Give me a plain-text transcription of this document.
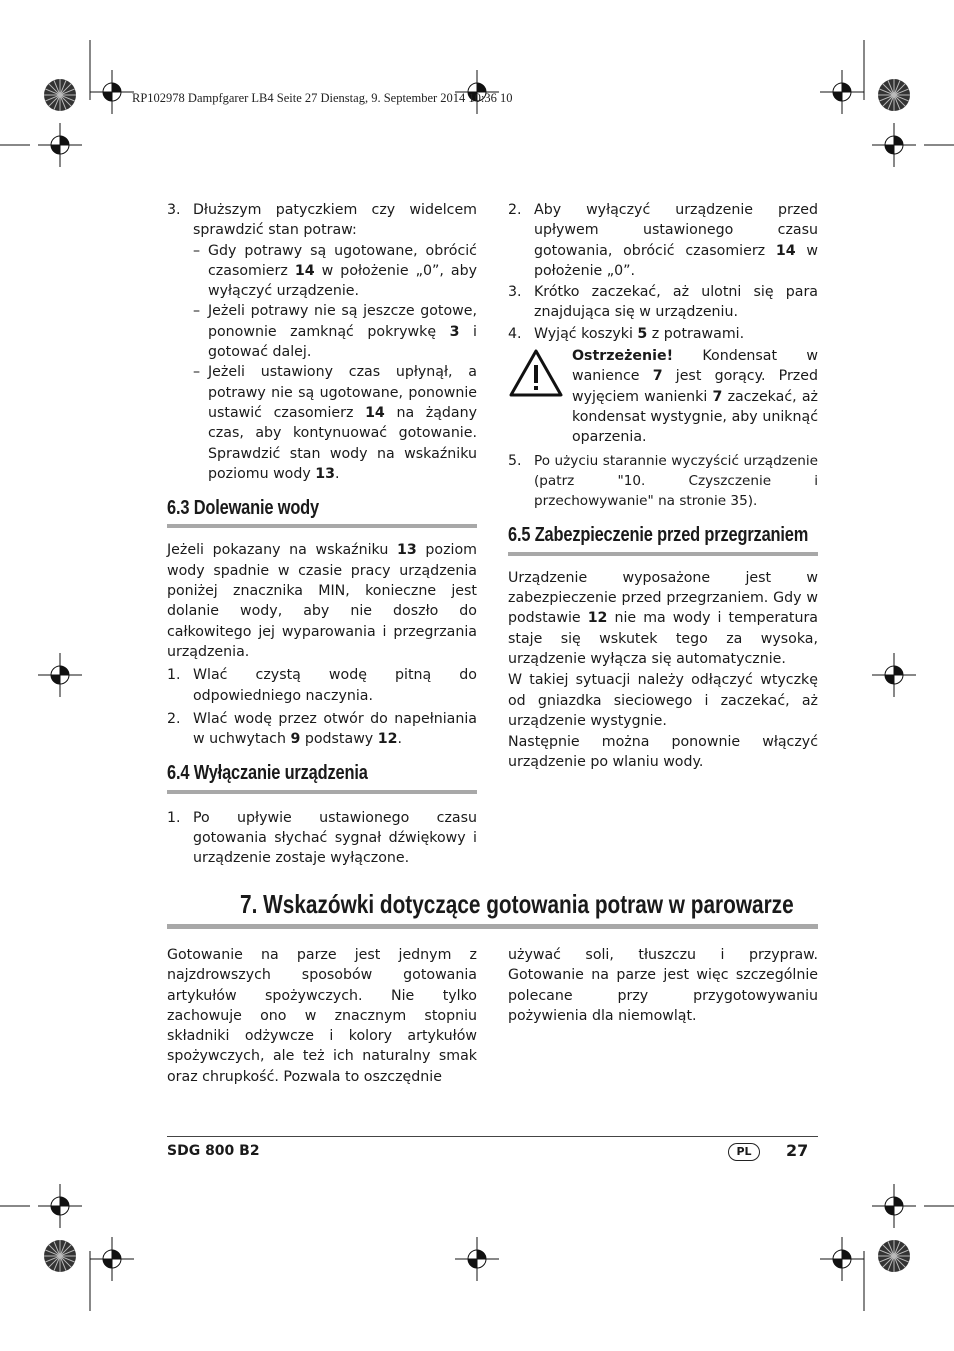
RP102978 Dampfgarer LB4 Seite 27 Dienstag, 9. September 2014 10:36 10
3. Dłuższym patyczkiem czy widelcem sprawdzić stan potraw:
– Gdy potrawy są ugotowane, obrócić czasomierz 14 w położenie „0”, aby wyłączyć urządzenie.
– Jeżeli potrawy nie są jeszcze gotowe, ponownie zamknąć pokrywkę 3 i gotować dalej.
– Jeżeli ustawiony czas upłynął, a potrawy nie są ugotowane, ponownie ustawić czasomierz 14 na żądany czas, aby kontynuować gotowanie. Sprawdzić stan wody na wskaźniku poziomu wody 13.
6.3 Dolewanie wody

Jeżeli pokazany na wskaźniku 13 poziom wody spadnie w czasie pracy urządzenia poniżej znacznika MIN, konieczne jest dolanie wody, aby nie doszło do całkowitego jej wyparowania i przegrzania urządzenia.

1. Wlać czystą wodę pitną do odpowiedniego naczynia.
2. Wlać wodę przez otwór do napełniania w uchwytach 9 podstawy 12.
6.4 Wyłączanie urządzenia
1. Po upływie ustawionego czasu gotowania słychać sygnał dźwiękowy i urządzenie zostaje wyłączone.
2. Aby wyłączyć urządzenie przed upływem ustawionego czasu gotowania, obrócić czasomierz 14 w położenie „0”.
3. Krótko zaczekać, aż ulotni się para znajdująca się w urządzeniu.
4. Wyjąć koszyki 5 z potrawami.

Ostrzeżenie! Kondensat w wanience 7 jest gorący. Przed wyjęciem wanienki 7 zaczekać, aż kondensat wystygnie, aby uniknąć oparzenia.

5. Po użyciu starannie wyczyścić urządzenie (patrz "10. Czyszczenie i przechowywanie" na stronie 35).
6.5 Zabezpieczenie przed przegrzaniem

Urządzenie wyposażone jest w zabezpieczenie przed przegrzaniem. Gdy w podstawie 12 nie ma wody i temperatura staje się wskutek tego za wysoka, urządzenie wyłącza się automatycznie.

W takiej sytuacji należy odłączyć wtyczkę od gniazdka sieciowego i zaczekać, aż urządzenie wystygnie.

Następnie można ponownie włączyć urządzenie po wlaniu wody.

7. Wskazówki dotyczące gotowania potraw w parowarze

Gotowanie na parze jest jednym z najzdrowszych sposobów gotowania artykułów spożywczych. Nie tylko zachowuje ono w znacznym stopniu składniki odżywcze i kolory artykułów spożywczych, ale też ich naturalny smak oraz chrupkość. Pozwala to oszczędnie

używać soli, tłuszczu i przypraw. Gotowanie na parze jest więc szczególnie polecane przy przygotowywaniu pożywienia dla niemowląt.

SDG 800 B2	PL	27
